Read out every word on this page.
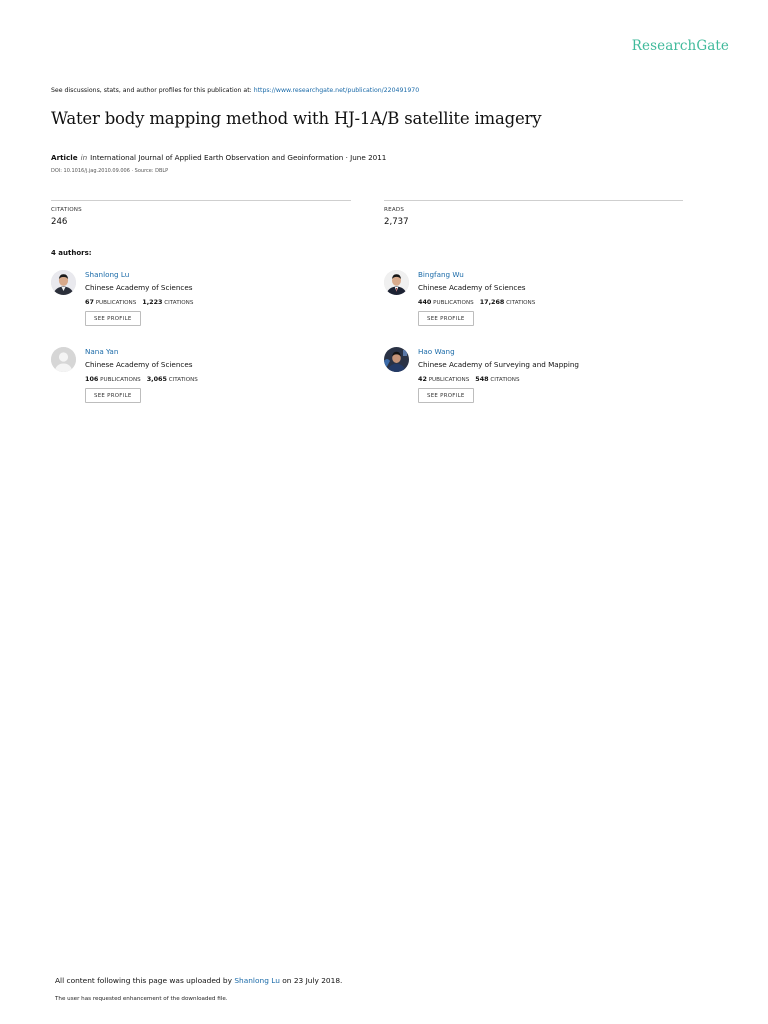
ResearchGate
See discussions, stats, and author profiles for this publication at: https://www.researchgate.net/publication/220491970
Water body mapping method with HJ-1A/B satellite imagery
Article in International Journal of Applied Earth Observation and Geoinformation · June 2011
DOI: 10.1016/j.jag.2010.09.006 · Source: DBLP
CITATIONS
246
READS
2,737
4 authors:
Shanlong Lu
Chinese Academy of Sciences
67 PUBLICATIONS 1,223 CITATIONS
SEE PROFILE
Bingfang Wu
Chinese Academy of Sciences
440 PUBLICATIONS 17,268 CITATIONS
SEE PROFILE
Nana Yan
Chinese Academy of Sciences
106 PUBLICATIONS 3,065 CITATIONS
SEE PROFILE
Hao Wang
Chinese Academy of Surveying and Mapping
42 PUBLICATIONS 548 CITATIONS
SEE PROFILE
All content following this page was uploaded by Shanlong Lu on 23 July 2018.
The user has requested enhancement of the downloaded file.
